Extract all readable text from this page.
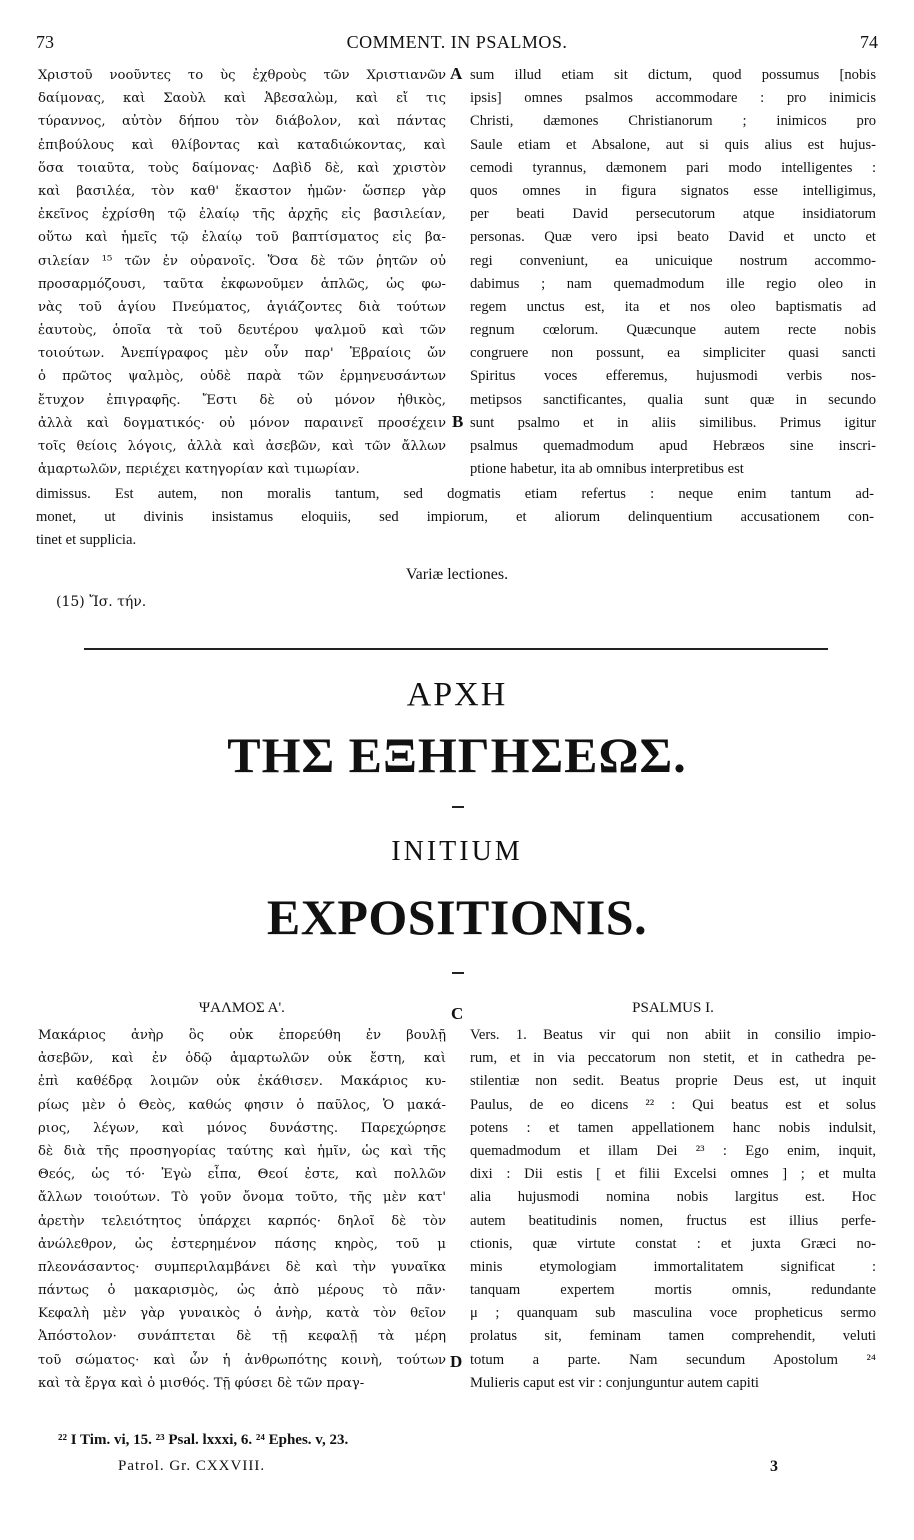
73	COMMENT. IN PSALMOS.	74
Χριστοῦ νοοῦντες το ὺς ἐχθροὺς τῶν Χριστιανῶν
δαίμονας, καὶ Σαοὺλ καὶ Ἀβεσαλὼμ, καὶ εἴ τις
τύραννος, αὐτὸν δήπου τὸν διάβολον, καὶ πάντας
ἐπιβούλους καὶ θλίβοντας καὶ καταδιώκοντας, καὶ
ὅσα τοιαῦτα, τοὺς δαίμονας· Δαβὶδ δὲ, καὶ χριστὸν
καὶ βασιλέα, τὸν καθ' ἕκαστον ἡμῶν· ὥσπερ γὰρ
ἐκεῖνος ἐχρίσθη τῷ ἐλαίῳ τῆς ἀρχῆς εἰς βασιλείαν,
οὕτω καὶ ἡμεῖς τῷ ἐλαίῳ τοῦ βαπτίσματος εἰς βα-
σιλείαν ¹⁵ τῶν ἐν οὐρανοῖς. Ὅσα δὲ τῶν ῥητῶν οὐ
προσαρμόζουσι, ταῦτα ἐκφωνοῦμεν ἁπλῶς, ὡς φω-
νὰς τοῦ ἁγίου Πνεύματος, ἁγιάζοντες διὰ τούτων
ἑαυτοὺς, ὁποῖα τὰ τοῦ δευτέρου ψαλμοῦ καὶ τῶν
τοιούτων. Ἀνεπίγραφος μὲν οὖν παρ' Ἑβραίοις ὤν
ὁ πρῶτος ψαλμὸς, οὐδὲ παρὰ τῶν ἑρμηνευσάντων
ἔτυχον ἐπιγραφῆς. Ἔστι δὲ οὐ μόνον ἠθικὸς,
ἀλλὰ καὶ δογματικός· οὐ μόνον παραινεῖ προσέχειν
τοῖς θείοις λόγοις, ἀλλὰ καὶ ἀσεβῶν, καὶ τῶν ἄλλων
ἁμαρτωλῶν, περιέχει κατηγορίαν καὶ τιμωρίαν.
A sum illud etiam sit dictum, quod possumus [nobis
ipsis] omnes psalmos accommodare : pro inimicis
Christi, dæmones Christianorum ; inimicos pro
Saule etiam et Absalone, aut si quis alius est hujus-
cemodi tyrannus, dæmonem pari modo intelligentes :
quos omnes in figura signatos esse intelligimus,
per beati David persecutorum atque insidiatorum
personas. Quæ vero ipsi beato David et uncto et
regi conveniunt, ea unicuique nostrum accommo-
dabimus ; nam quemadmodum ille regio oleo in
regem unctus est, ita et nos oleo baptismatis ad
regnum cœlorum. Quæcunque autem recte nobis
congruere non possunt, ea simpliciter quasi sancti
Spiritus voces efferemus, hujusmodi verbis nos-
metipsos sanctificantes, qualia sunt quæ in secundo
sunt psalmo et in aliis similibus. Primus igitur
psalmus quemadmodum apud Hebræos sine inscri-
ptione habetur, ita ab omnibus interpretibus est
B
dimissus. Est autem, non moralis tantum, sed dogmatis etiam refertus : neque enim tantum ad-
monet, ut divinis insistamus eloquiis, sed impiorum, et aliorum delinquentium accusationem con-
tinet et supplicia.
Variæ lectiones.
(15) Ἴσ. τήν.
ΑΡΧΗ
ΤΗΣ ΕΞΗΓΗΣΕΩΣ.
INITIUM
EXPOSITIONIS.
ΨΑΛΜΟΣ Α'.	C	PSALMUS I.
Μακάριος ἀνὴρ ὃς οὐκ ἐπορεύθη ἐν βουλῇ
ἀσεβῶν, καὶ ἐν ὁδῷ ἁμαρτωλῶν οὐκ ἔστη, καὶ
ἐπὶ καθέδρᾳ λοιμῶν οὐκ ἐκάθισεν. Μακάριος κυ-
ρίως μὲν ὁ Θεὸς, καθώς φησιν ὁ παῦλος, Ὁ μακά-
ριος, λέγων, καὶ μόνος δυνάστης. Παρεχώρησε
δὲ διὰ τῆς προσηγορίας ταύτης καὶ ἡμῖν, ὡς καὶ τῆς
Θεός, ὡς τό· Ἐγὼ εἶπα, Θεοί ἐστε, καὶ πολλῶν
ἄλλων τοιούτων. Τὸ γοῦν ὄνομα τοῦτο, τῆς μὲν κατ'
ἀρετὴν τελειότητος ὑπάρχει καρπός· δηλοῖ δὲ τὸν
ἀνώλεθρον, ὡς ἐστερημένον πάσης κηρὸς, τοῦ μ
πλεονάσαντος· συμπεριλαμβάνει δὲ καὶ τὴν γυναῖκα
πάντως ὁ μακαρισμὸς, ὡς ἀπὸ μέρους τὸ πᾶν·
Κεφαλὴ μὲν γὰρ γυναικὸς ὁ ἀνὴρ, κατὰ τὸν θεῖον
Ἀπόστολον· συνάπτεται δὲ τῇ κεφαλῇ τὰ μέρη
τοῦ σώματος· καὶ ὧν ἡ ἀνθρωπότης κοινὴ, τούτων
καὶ τὰ ἔργα καὶ ὁ μισθός. Τῇ φύσει δὲ τῶν πραγ-
D
Vers. 1. Beatus vir qui non abiit in consilio impio-
rum, et in via peccatorum non stetit, et in cathedra pe-
stilentiæ non sedit. Beatus proprie Deus est, ut inquit
Paulus, de eo dicens ²² : Qui beatus est et solus
potens : et tamen appellationem hanc nobis indulsit,
quemadmodum et illam Dei ²³ : Ego enim, inquit,
dixi : Dii estis [ et filii Excelsi omnes ] ; et multa
alia hujusmodi nomina nobis largitus est. Hoc
autem beatitudinis nomen, fructus est illius perfe-
ctionis, quæ virtute constat : et juxta Græci no-
minis etymologiam immortalitatem significat :
tanquam expertem mortis omnis, redundante
μ ; quanquam sub masculina voce propheticus sermo
prolatus sit, feminam tamen comprehendit, veluti
totum a parte. Nam secundum Apostolum ²⁴
Mulieris caput est vir : conjunguntur autem capiti
²² I Tim. vi, 15. ²³ Psal. lxxxi, 6. ²⁴ Ephes. v, 23.
Patrol. Gr. CXXVIII.	3
